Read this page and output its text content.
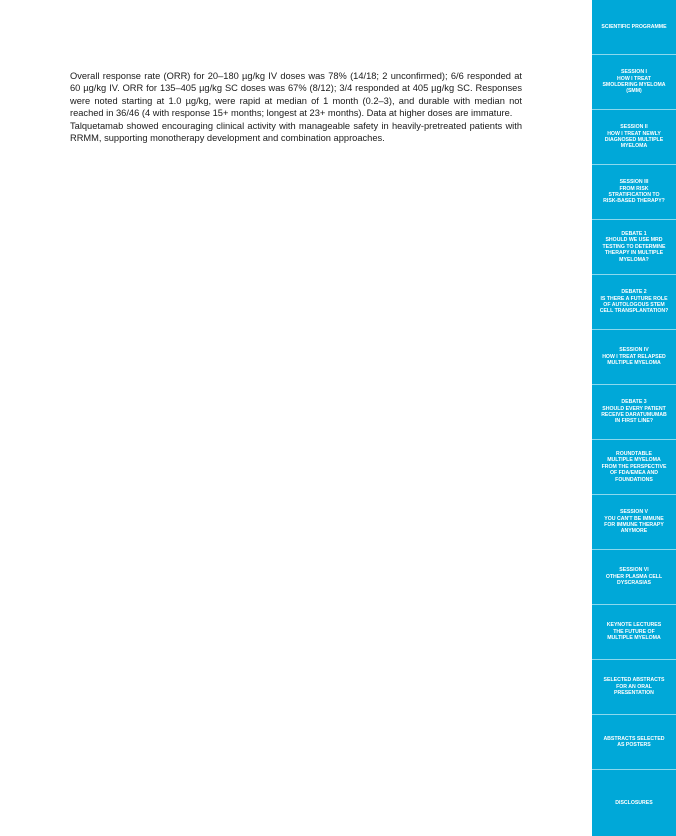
Overall response rate (ORR) for 20–180 µg/kg IV doses was 78% (14/18; 2 unconfirmed); 6/6 responded at 60 µg/kg IV. ORR for 135–405 µg/kg SC doses was 67% (8/12); 3/4 responded at 405 µg/kg SC. Responses were noted starting at 1.0 µg/kg, were rapid at median of 1 month (0.2–3), and durable with median not reached in 36/46 (4 with response 15+ months; longest at 23+ months). Data at higher doses are immature.

Talquetamab showed encouraging clinical activity with manageable safety in heavily-pretreated patients with RRMM, supporting monotherapy development and combination approaches.

SCIENTIFIC PROGRAMME
SESSION I
HOW I TREAT
SMOLDERING MYELOMA
(SMM)
SESSION II
HOW I TREAT NEWLY
DIAGNOSED MULTIPLE
MYELOMA
SESSION III
FROM RISK
STRATIFICATION TO
RISK-BASED THERAPY?
DEBATE 1
SHOULD WE USE MRD
TESTING TO DETERMINE
THERAPY IN MULTIPLE
MYELOMA?
DEBATE 2
IS THERE A FUTURE ROLE
OF AUTOLOGOUS STEM
CELL TRANSPLANTATION?
SESSION IV
HOW I TREAT RELAPSED
MULTIPLE MYELOMA
DEBATE 3
SHOULD EVERY PATIENT
RECEIVE DARATUMUMAB
IN FIRST LINE?
ROUNDTABLE
MULTIPLE MYELOMA
FROM THE PERSPECTIVE
OF FDA/EMEA AND
FOUNDATIONS
SESSION V
YOU CAN'T BE IMMUNE
FOR IMMUNE THERAPY
ANYMORE
SESSION VI
OTHER PLASMA CELL
DYSCRASIAS
KEYNOTE LECTURES
THE FUTURE OF
MULTIPLE MYELOMA
SELECTED ABSTRACTS
FOR AN ORAL
PRESENTATION
ABSTRACTS SELECTED
AS POSTERS
DISCLOSURES
